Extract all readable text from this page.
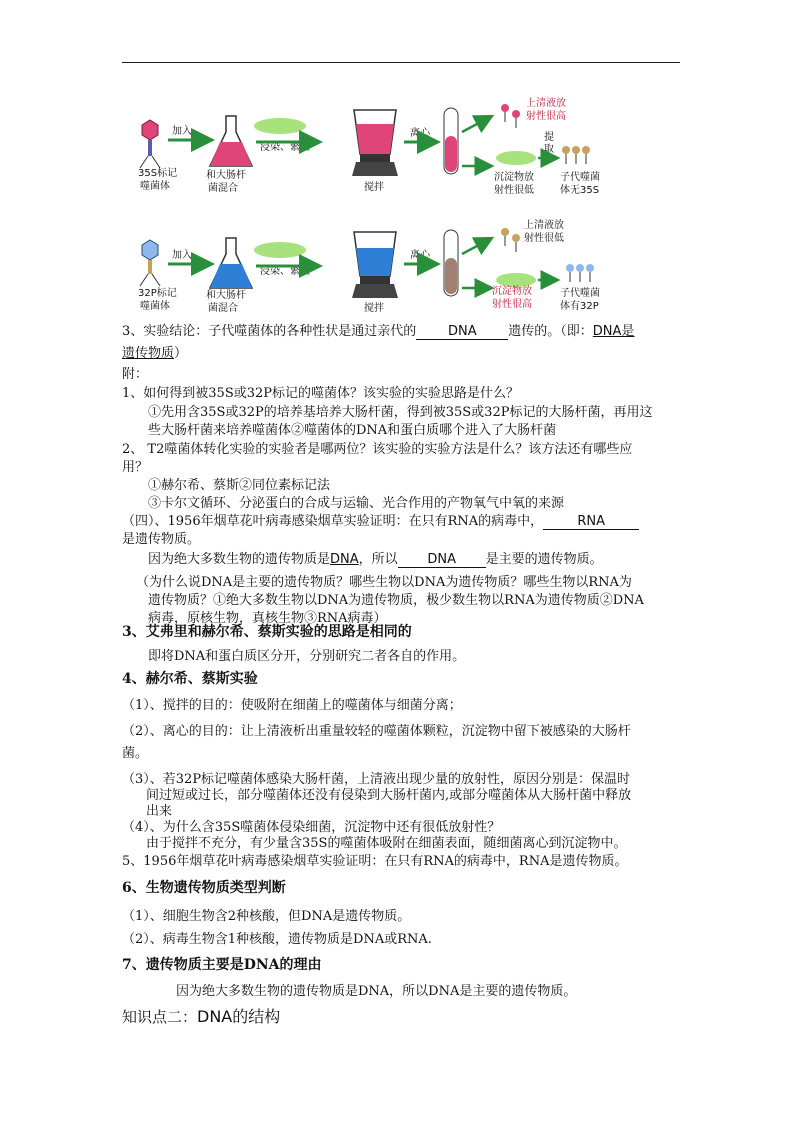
35S标记
噬菌体
加入
和大肠杆
菌混合
浸染、繁殖
搅拌
离心
上清液放
射性很高
沉淀物放
射性很低
提
取
子代噬菌
体无35S
32P标记
噬菌体
加入
和大肠杆
菌混合
浸染、繁殖
搅拌
离心
上清液放
射性很低
沉淀物放
射性很高
子代噬菌
体有32P
3、实验结论：子代噬菌体的各种性状是通过亲代的 DNA 遗传的。（即：DNA是
遗传物质）
附：
1、如何得到被35S或32P标记的噬菌体？该实验的实验思路是什么？
①先用含35S或32P的培养基培养大肠杆菌，得到被35S或32P标记的大肠杆菌，再用这
些大肠杆菌来培养噬菌体②噬菌体的DNA和蛋白质哪个进入了大肠杆菌
2、 T2噬菌体转化实验的实验者是哪两位？该实验的实验方法是什么？该方法还有哪些应
用？
①赫尔希、蔡斯②同位素标记法
③卡尔文循环、分泌蛋白的合成与运输、光合作用的产物氧气中氧的来源
（四）、1956年烟草花叶病毒感染烟草实验证明：在只有RNA的病毒中，	RNA
是遗传物质。
因为绝大多数生物的遗传物质是DNA，所以 DNA 是主要的遗传物质。
（为什么说DNA是主要的遗传物质？哪些生物以DNA为遗传物质？哪些生物以RNA为
遗传物质？①绝大多数生物以DNA为遗传物质，极少数生物以RNA为遗传物质②DNA
病毒，原核生物，真核生物③RNA病毒）
3、艾弗里和赫尔希、蔡斯实验的思路是相同的
即将DNA和蛋白质区分开，分别研究二者各自的作用。
4、赫尔希、蔡斯实验
（1）、搅拌的目的：使吸附在细菌上的噬菌体与细菌分离；
（2）、离心的目的：让上清液析出重量较轻的噬菌体颗粒，沉淀物中留下被感染的大肠杆
菌。
（3）、若32P标记噬菌体感染大肠杆菌，上清液出现少量的放射性，原因分别是：保温时
间过短或过长，部分噬菌体还没有侵染到大肠杆菌内,或部分噬菌体从大肠杆菌中释放
出来
（4）、为什么含35S噬菌体侵染细菌，沉淀物中还有很低放射性？
由于搅拌不充分，有少量含35S的噬菌体吸附在细菌表面，随细菌离心到沉淀物中。
5、1956年烟草花叶病毒感染烟草实验证明：在只有RNA的病毒中，RNA是遗传物质。
6、生物遗传物质类型判断
（1）、细胞生物含2种核酸，但DNA是遗传物质。
（2）、病毒生物含1种核酸，遗传物质是DNA或RNA.
7、遗传物质主要是DNA的理由
因为绝大多数生物的遗传物质是DNA，所以DNA是主要的遗传物质。
知识点二：DNA的结构
